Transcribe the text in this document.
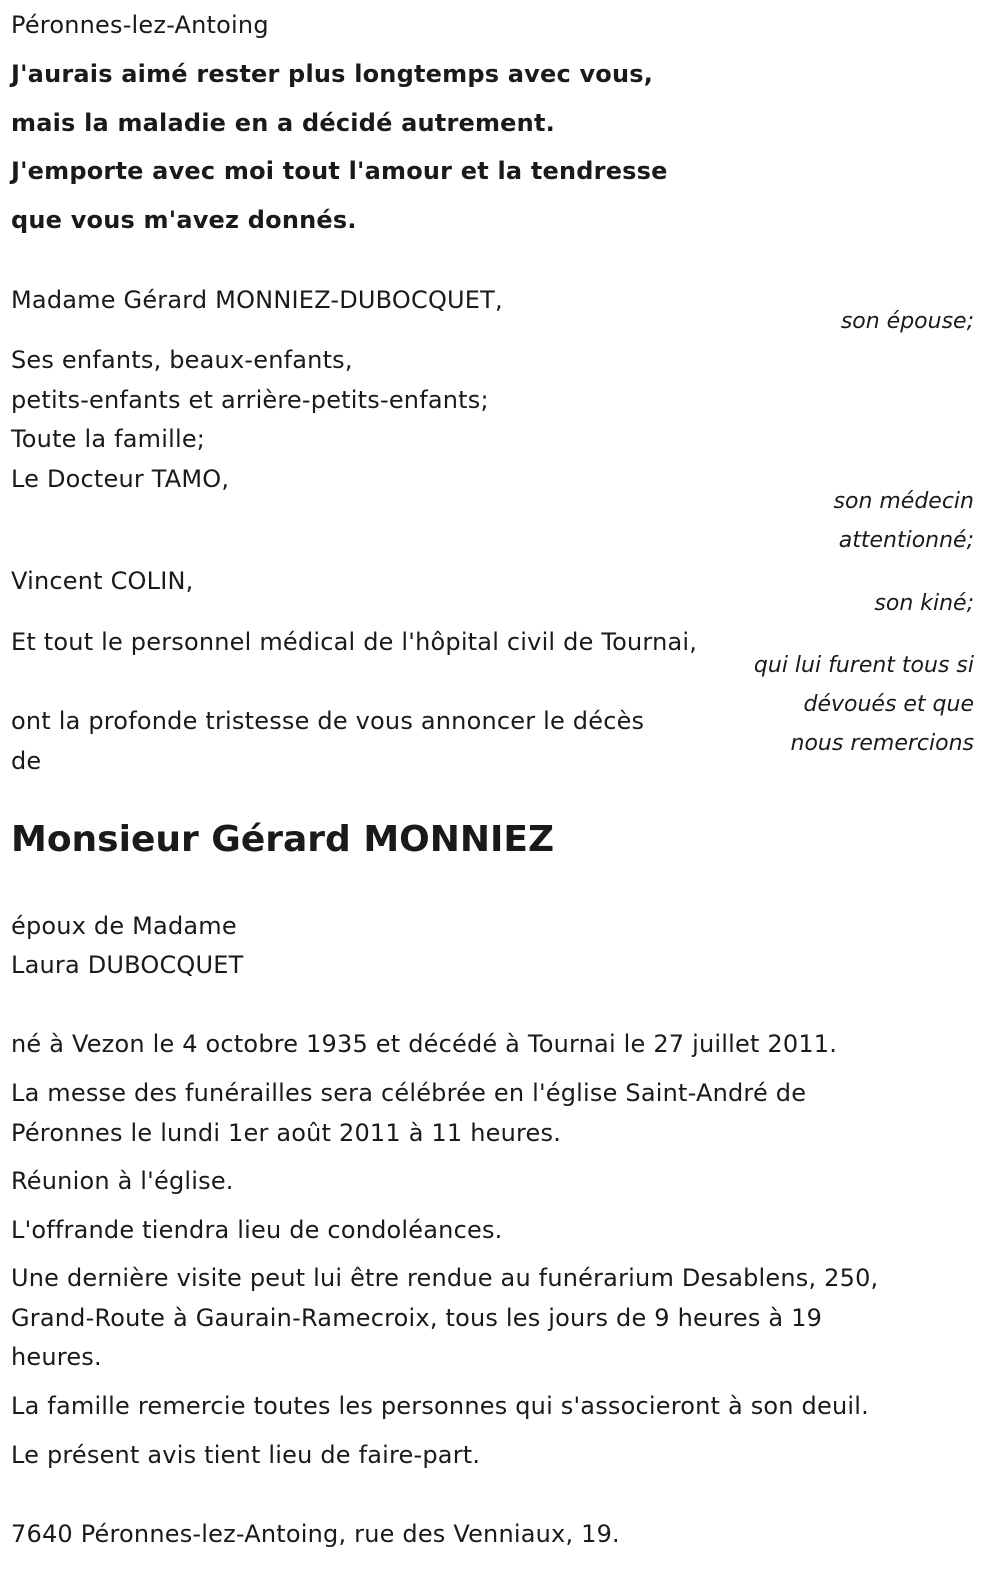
Péronnes-lez-Antoing
J'aurais aimé rester plus longtemps avec vous,
mais la maladie en a décidé autrement.
J'emporte avec moi tout l'amour et la tendresse
que vous m'avez donnés.
Madame Gérard MONNIEZ-DUBOCQUET,
son épouse;
Ses enfants, beaux-enfants,
petits-enfants et arrière-petits-enfants;
Toute la famille;
Le Docteur TAMO,
son médecin
attentionné;
Vincent COLIN,
son kiné;
Et tout le personnel médical de l'hôpital civil de Tournai,
qui lui furent tous si
dévoués et que
nous remercions
ont la profonde tristesse de vous annoncer le décès
de
Monsieur Gérard MONNIEZ
époux de Madame
Laura DUBOCQUET
né à Vezon le 4 octobre 1935 et décédé à Tournai le 27 juillet 2011.
La messe des funérailles sera célébrée en l'église Saint-André de
Péronnes le lundi 1er août 2011 à 11 heures.
Réunion à l'église.
L'offrande tiendra lieu de condoléances.
Une dernière visite peut lui être rendue au funérarium Desablens, 250,
Grand-Route à Gaurain-Ramecroix, tous les jours de 9 heures à 19
heures.
La famille remercie toutes les personnes qui s'associeront à son deuil.
Le présent avis tient lieu de faire-part.
7640 Péronnes-lez-Antoing, rue des Venniaux, 19.
